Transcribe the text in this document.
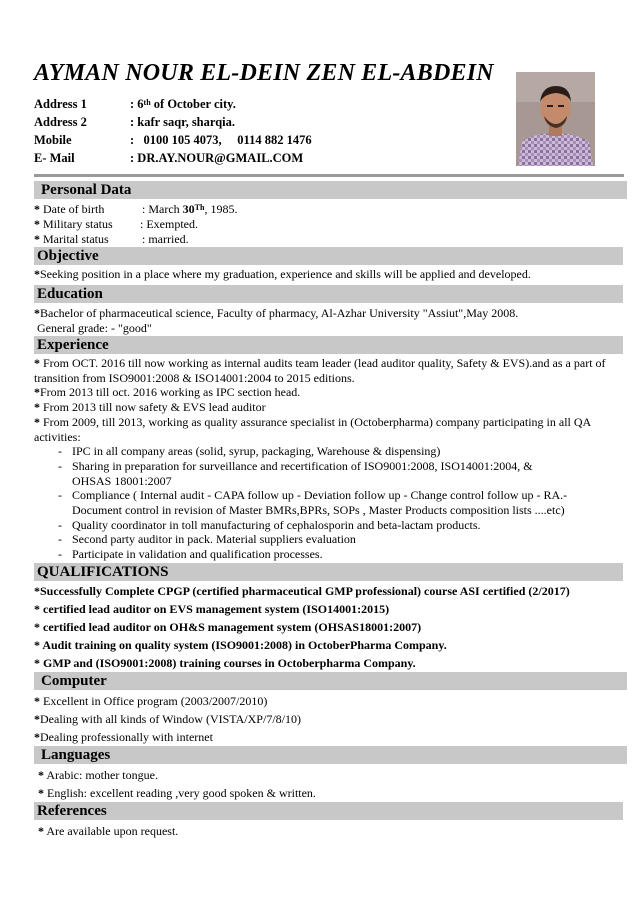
AYMAN NOUR EL-DEIN ZEN EL-ABDEIN
Address 1	: 6th of October city.
Address 2	: kafr saqr, sharqia.
Mobile	:   0100 105 4073,     0114 882 1476
E- Mail	: DR.AY.NOUR@GMAIL.COM
Personal Data
* Date of birth	: March 30Th, 1985.
* Military status : Exempted.
* Marital status	: married.
Objective
*Seeking position in a place where my graduation, experience and skills will be applied and developed.
Education
*Bachelor of pharmaceutical science, Faculty of pharmacy, Al-Azhar University "Assiut",May 2008.
General grade: - "good"
Experience
* From OCT. 2016 till now working as internal audits team leader (lead auditor quality, Safety & EVS).and as a part of transition from ISO9001:2008 & ISO14001:2004 to 2015 editions.
*From 2013 till oct. 2016 working as IPC section head.
* From 2013 till now safety & EVS lead auditor
* From 2009, till 2013, working as quality assurance specialist in (Octoberpharma) company participating in all QA activities:
- IPC in all company areas (solid, syrup, packaging, Warehouse & dispensing)
- Sharing in preparation for surveillance and recertification of ISO9001:2008, ISO14001:2004, & OHSAS 18001:2007
- Compliance ( Internal audit - CAPA follow up - Deviation follow up - Change control follow up - RA.- Document control in revision of Master BMRs,BPRs, SOPs , Master Products composition lists ....etc)
- Quality coordinator in toll manufacturing of cephalosporin and beta-lactam products.
- Second party auditor in pack. Material suppliers evaluation
- Participate in validation and qualification processes.
QUALIFICATIONS
*Successfully Complete CPGP (certified pharmaceutical GMP professional) course ASI certified (2/2017)
* certified lead auditor on EVS management system (ISO14001:2015)
* certified lead auditor on OH&S management system (OHSAS18001:2007)
* Audit training on quality system (ISO9001:2008) in OctoberPharma Company.
* GMP and (ISO9001:2008) training courses in Octoberpharma Company.
Computer
* Excellent in Office program (2003/2007/2010)
*Dealing with all kinds of Window (VISTA/XP/7/8/10)
*Dealing professionally with internet
Languages
* Arabic: mother tongue.
* English: excellent reading ,very good spoken & written.
References
* Are available upon request.
